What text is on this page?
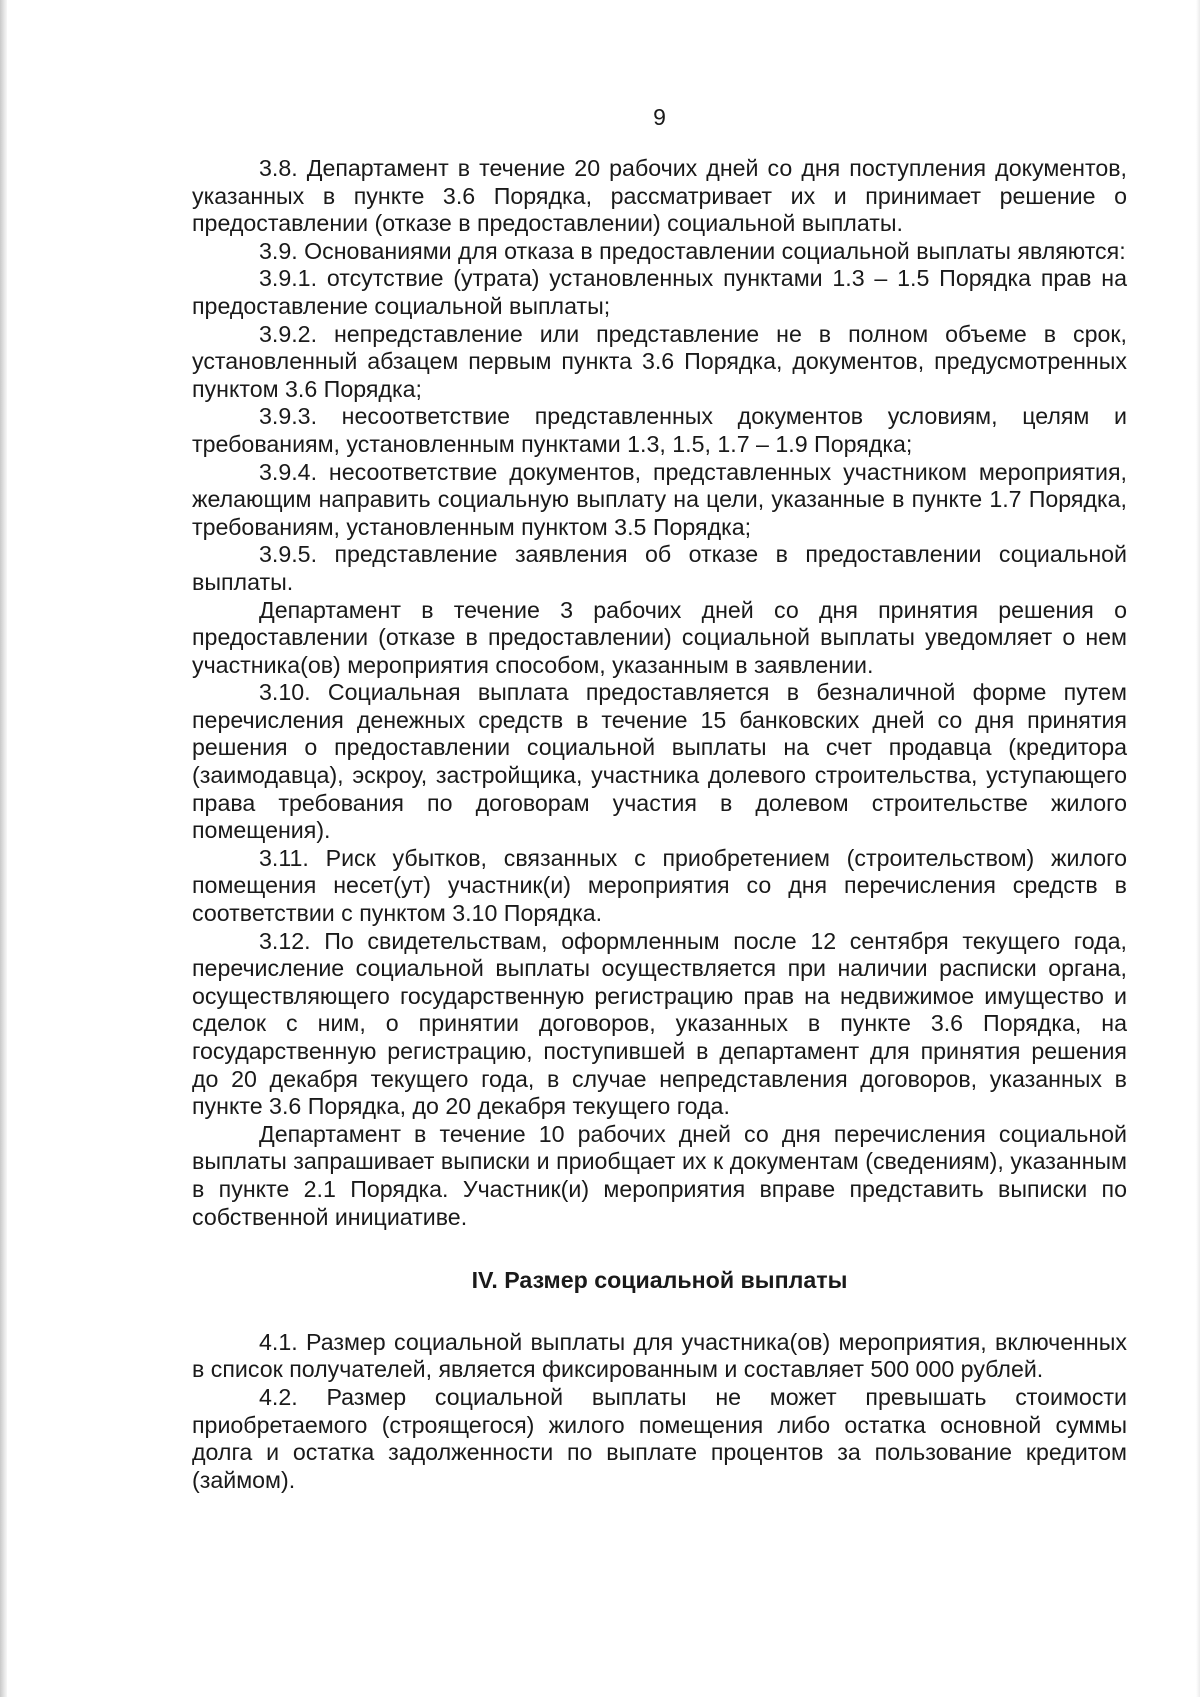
9

3.8. Департамент в течение 20 рабочих дней со дня поступления документов, указанных в пункте 3.6 Порядка, рассматривает их и принимает решение о предоставлении (отказе в предоставлении) социальной выплаты.

3.9. Основаниями для отказа в предоставлении социальной выплаты являются:

3.9.1. отсутствие (утрата) установленных пунктами 1.3 – 1.5 Порядка прав на предоставление социальной выплаты;

3.9.2. непредставление или представление не в полном объеме в срок, установленный абзацем первым пункта 3.6 Порядка, документов, предусмотренных пунктом 3.6 Порядка;

3.9.3. несоответствие представленных документов условиям, целям и требованиям, установленным пунктами 1.3, 1.5, 1.7 – 1.9 Порядка;

3.9.4. несоответствие документов, представленных участником мероприятия, желающим направить социальную выплату на цели, указанные в пункте 1.7 Порядка, требованиям, установленным пунктом 3.5 Порядка;

3.9.5. представление заявления об отказе в предоставлении социальной выплаты.

Департамент в течение 3 рабочих дней со дня принятия решения о предоставлении (отказе в предоставлении) социальной выплаты уведомляет о нем участника(ов) мероприятия способом, указанным в заявлении.

3.10. Социальная выплата предоставляется в безналичной форме путем перечисления денежных средств в течение 15 банковских дней со дня принятия решения о предоставлении социальной выплаты на счет продавца (кредитора (заимодавца), эскроу, застройщика, участника долевого строительства, уступающего права требования по договорам участия в долевом строительстве жилого помещения).

3.11. Риск убытков, связанных с приобретением (строительством) жилого помещения несет(ут) участник(и) мероприятия со дня перечисления средств в соответствии с пунктом 3.10 Порядка.

3.12. По свидетельствам, оформленным после 12 сентября текущего года, перечисление социальной выплаты осуществляется при наличии расписки органа, осуществляющего государственную регистрацию прав на недвижимое имущество и сделок с ним, о принятии договоров, указанных в пункте 3.6 Порядка, на государственную регистрацию, поступившей в департамент для принятия решения до 20 декабря текущего года, в случае непредставления договоров, указанных в пункте 3.6 Порядка, до 20 декабря текущего года.

Департамент в течение 10 рабочих дней со дня перечисления социальной выплаты запрашивает выписки и приобщает их к документам (сведениям), указанным в пункте 2.1 Порядка. Участник(и) мероприятия вправе представить выписки по собственной инициативе.

IV. Размер социальной выплаты

4.1. Размер социальной выплаты для участника(ов) мероприятия, включенных в список получателей, является фиксированным и составляет 500 000 рублей.

4.2. Размер социальной выплаты не может превышать стоимости приобретаемого (строящегося) жилого помещения либо остатка основной суммы долга и остатка задолженности по выплате процентов за пользование кредитом (займом).
